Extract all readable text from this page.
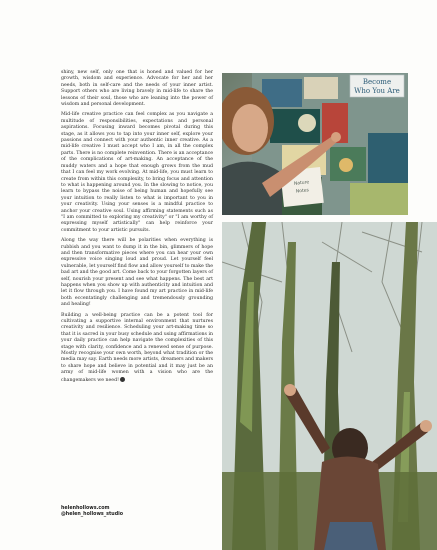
shiny, new self, only one that is honed and valued for her growth, wisdom and experience. Advocate for her and her needs, both in self-care and the needs of your inner artist. Support others who are living bravely in mid-life to share the lessons of their soul, those who are leaning into the power of wisdom and personal development.

Mid-life creative practice can feel complex as you navigate a multitude of responsibilities, expectations and personal aspirations. Focusing inward becomes pivotal during this stage, as it allows you to tap into your inner self, explore your passions and connect with your authentic inner creative. As a mid-life creative I must accept who I am, in all the complex parts. There is no complete reinvention. There is an acceptance of the complications of art-making. An acceptance of the muddy waters and a hope that enough grows from the mud that I can feel my work evolving. At mid-life, you must learn to create from within this complexity, to bring focus and attention to what is happening around you. In the slowing to notice, you learn to bypass the noise of being human and hopefully see your intuition to really listen to what is important to you in your creativity. Using your senses is a mindful practice to anchor your creative soul. Using affirming statements such as "I am committed to exploring my creativity" or "I am worthy of expressing myself artistically" can help reinforce your commitment to your artistic pursuits.

Along the way there will be polarities when everything is rubbish and you want to dump it in the bin, glimmers of hope and then transformative pieces where you can hear your own expressive voice singing loud and proud. Let yourself feel vulnerable, let yourself find flow and allow yourself to make the bad art and the good art. Come back to your forgotten layers of self, nourish your present and see what happens. The best art happens when you show up with authenticity and intuition and let it flow through you. I have found my art practice in mid-life both eccentatingly challenging and tremendously grounding and healing!

Building a well-being practice can be a potent tool for cultivating a supportive internal environment that nurtures creativity and resilience. Scheduling your art-making time so that it is sacred in your busy schedule and using affirmations in your daily practice can help navigate the complexities of this stage with clarity, confidence and a renewed sense of purpose. Mostly recognise your own worth, beyond what tradition or the media may say. Earth needs more artists, dreamers and makers to share hope and believe in potential and it may just be an army of mid-life women with a vision who are the changemakers we need!

helenhollows.com
@helen_hollows_studio
Become
Who You Are
Nature
Notes
